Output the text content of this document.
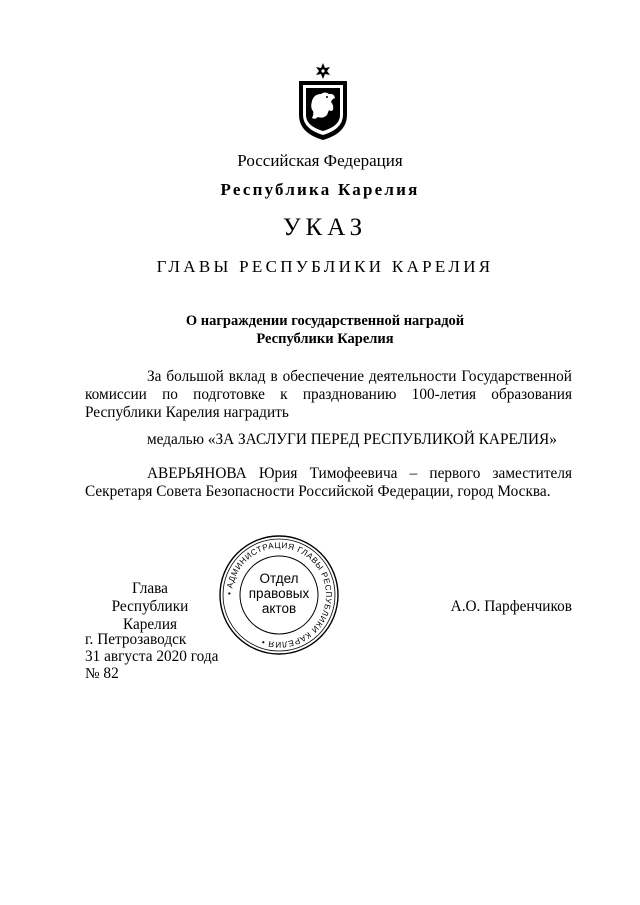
Российская Федерация
Республика Карелия
УКАЗ
ГЛАВЫ РЕСПУБЛИКИ КАРЕЛИЯ
О награждении государственной наградой
Республики Карелия
За большой вклад в обеспечение деятельности Государственной комиссии по подготовке к празднованию 100-летия образования Республики Карелия наградить
медалью «ЗА ЗАСЛУГИ ПЕРЕД РЕСПУБЛИКОЙ КАРЕЛИЯ»
АВЕРЬЯНОВА Юрия Тимофеевича – первого заместителя Секретаря Совета Безопасности Российской Федерации, город Москва.
Глава
Республики Карелия
• АДМИНИСТРАЦИЯ ГЛАВЫ РЕСПУБЛИКИ КАРЕЛИЯ •
Отдел
правовых
актов	А.О. Парфенчиков
г. Петрозаводск
31 августа 2020 года
№ 82
